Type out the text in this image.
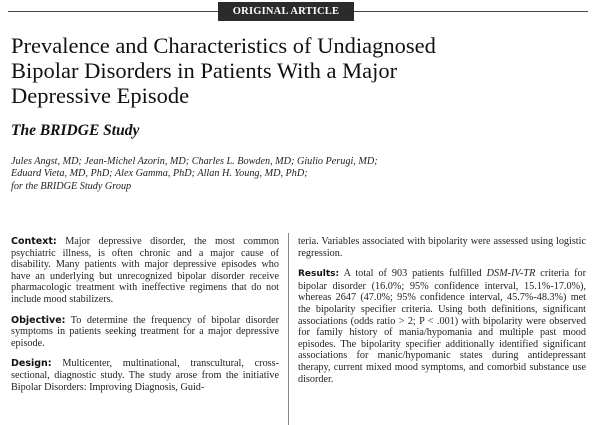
ORIGINAL ARTICLE
Prevalence and Characteristics of Undiagnosed
Bipolar Disorders in Patients With a Major
Depressive Episode
The BRIDGE Study
Jules Angst, MD; Jean-Michel Azorin, MD; Charles L. Bowden, MD; Giulio Perugi, MD;
Eduard Vieta, MD, PhD; Alex Gamma, PhD; Allan H. Young, MD, PhD;
for the BRIDGE Study Group

Context: Major depressive disorder, the most common psychiatric illness, is often chronic and a major cause of disability. Many patients with major depressive episodes who have an underlying but unrecognized bipolar disorder receive pharmacologic treatment with ineffective regimens that do not include mood stabilizers.

Objective: To determine the frequency of bipolar disorder symptoms in patients seeking treatment for a major depressive episode.

Design: Multicenter, multinational, transcultural, cross-sectional, diagnostic study. The study arose from the initiative Bipolar Disorders: Improving Diagnosis, Guid-

teria. Variables associated with bipolarity were assessed using logistic regression.

Results: A total of 903 patients fulfilled DSM-IV-TR criteria for bipolar disorder (16.0%; 95% confidence interval, 15.1%-17.0%), whereas 2647 (47.0%; 95% confidence interval, 45.7%-48.3%) met the bipolarity specifier criteria. Using both definitions, significant associations (odds ratio > 2; P < .001) with bipolarity were observed for family history of mania/hypomania and multiple past mood episodes. The bipolarity specifier additionally identified significant associations for manic/hypomanic states during antidepressant therapy, current mixed mood symptoms, and comorbid substance use disorder.
